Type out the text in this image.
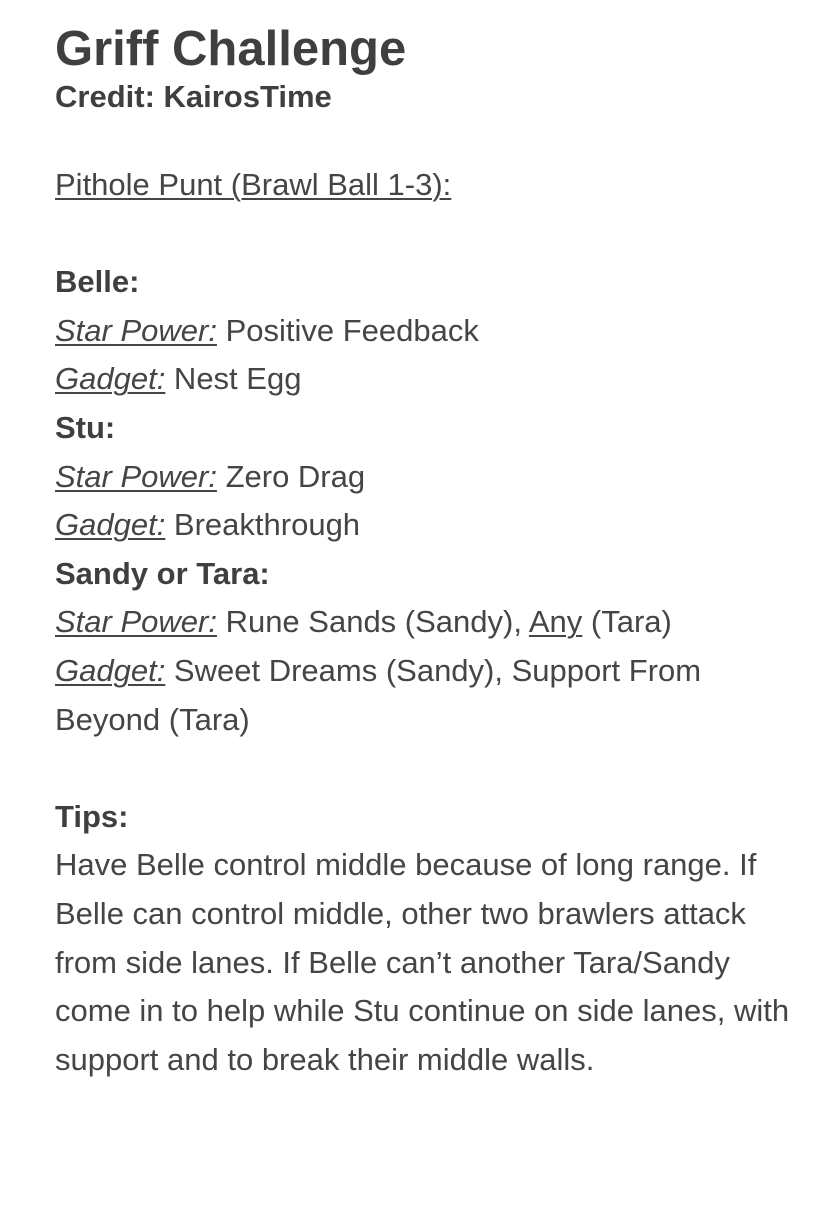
Griff Challenge

Credit: KairosTime

Pithole Punt (Brawl Ball 1-3):

Belle:

Star Power: Positive Feedback

Gadget: Nest Egg

Stu:

Star Power: Zero Drag

Gadget: Breakthrough

Sandy or Tara:

Star Power: Rune Sands (Sandy), Any (Tara)

Gadget: Sweet Dreams (Sandy), Support From Beyond (Tara)

Tips:

Have Belle control middle because of long range. If Belle can control middle, other two brawlers attack from side lanes. If Belle can’t another Tara/Sandy come in to help while Stu continue on side lanes, with support and to break their middle walls.
